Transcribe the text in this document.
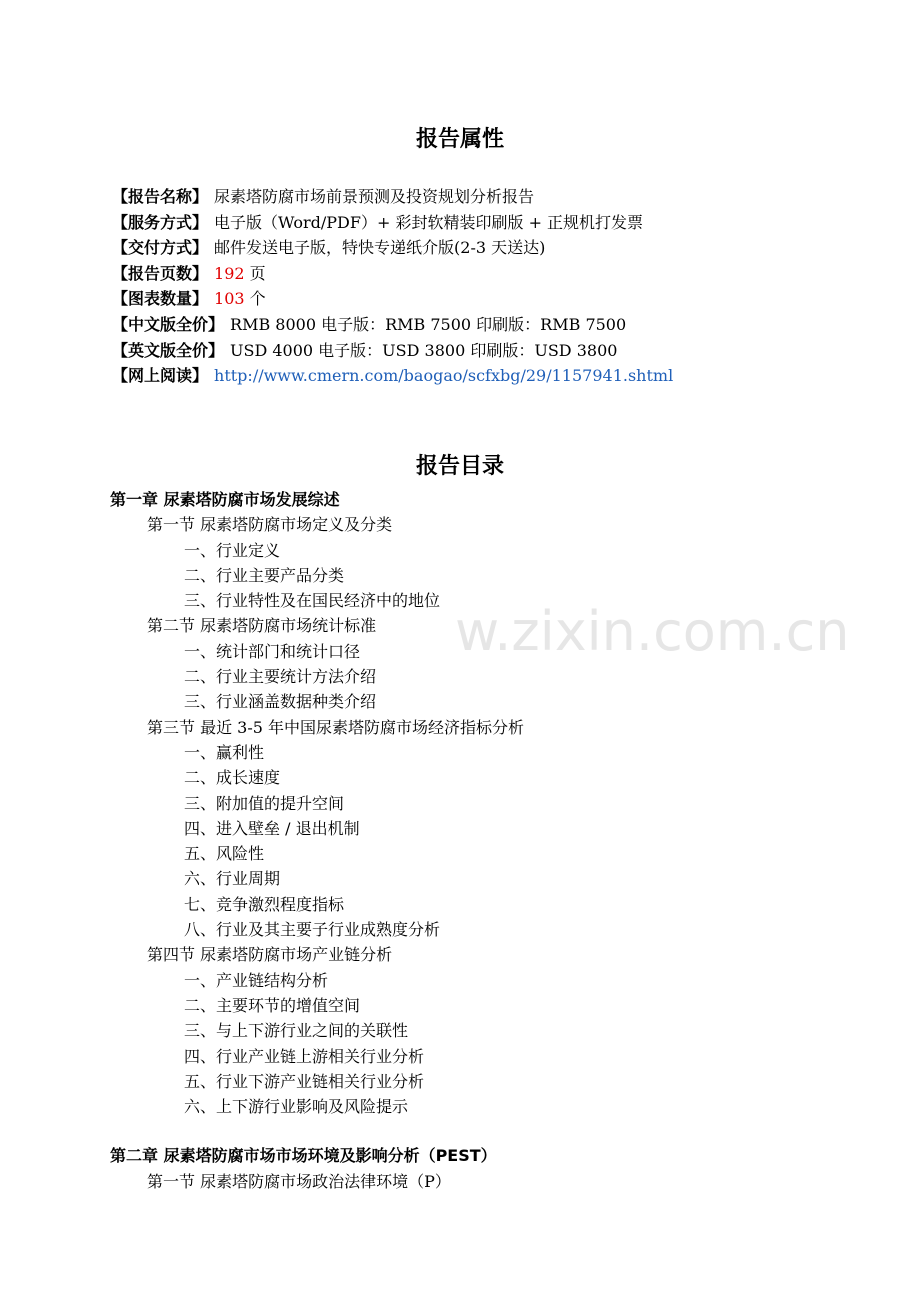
w.zixin.com.cn
报告属性
【报告名称】 尿素塔防腐市场前景预测及投资规划分析报告
【服务方式】 电子版（Word/PDF）+ 彩封软精装印刷版 + 正规机打发票
【交付方式】 邮件发送电子版，特快专递纸介版(2-3 天送达)
【报告页数】 192 页
【图表数量】 103 个
【中文版全价】 RMB 8000 电子版：RMB 7500 印刷版：RMB 7500
【英文版全价】 USD 4000 电子版：USD 3800 印刷版：USD 3800
【网上阅读】 http://www.cmern.com/baogao/scfxbg/29/1157941.shtml
报告目录
第一章 尿素塔防腐市场发展综述
第一节 尿素塔防腐市场定义及分类
一、行业定义
二、行业主要产品分类
三、行业特性及在国民经济中的地位
第二节 尿素塔防腐市场统计标准
一、统计部门和统计口径
二、行业主要统计方法介绍
三、行业涵盖数据种类介绍
第三节 最近 3-5 年中国尿素塔防腐市场经济指标分析
一、赢利性
二、成长速度
三、附加值的提升空间
四、进入壁垒 / 退出机制
五、风险性
六、行业周期
七、竞争激烈程度指标
八、行业及其主要子行业成熟度分析
第四节 尿素塔防腐市场产业链分析
一、产业链结构分析
二、主要环节的增值空间
三、与上下游行业之间的关联性
四、行业产业链上游相关行业分析
五、行业下游产业链相关行业分析
六、上下游行业影响及风险提示
第二章 尿素塔防腐市场市场环境及影响分析（PEST）
第一节 尿素塔防腐市场政治法律环境（P）
